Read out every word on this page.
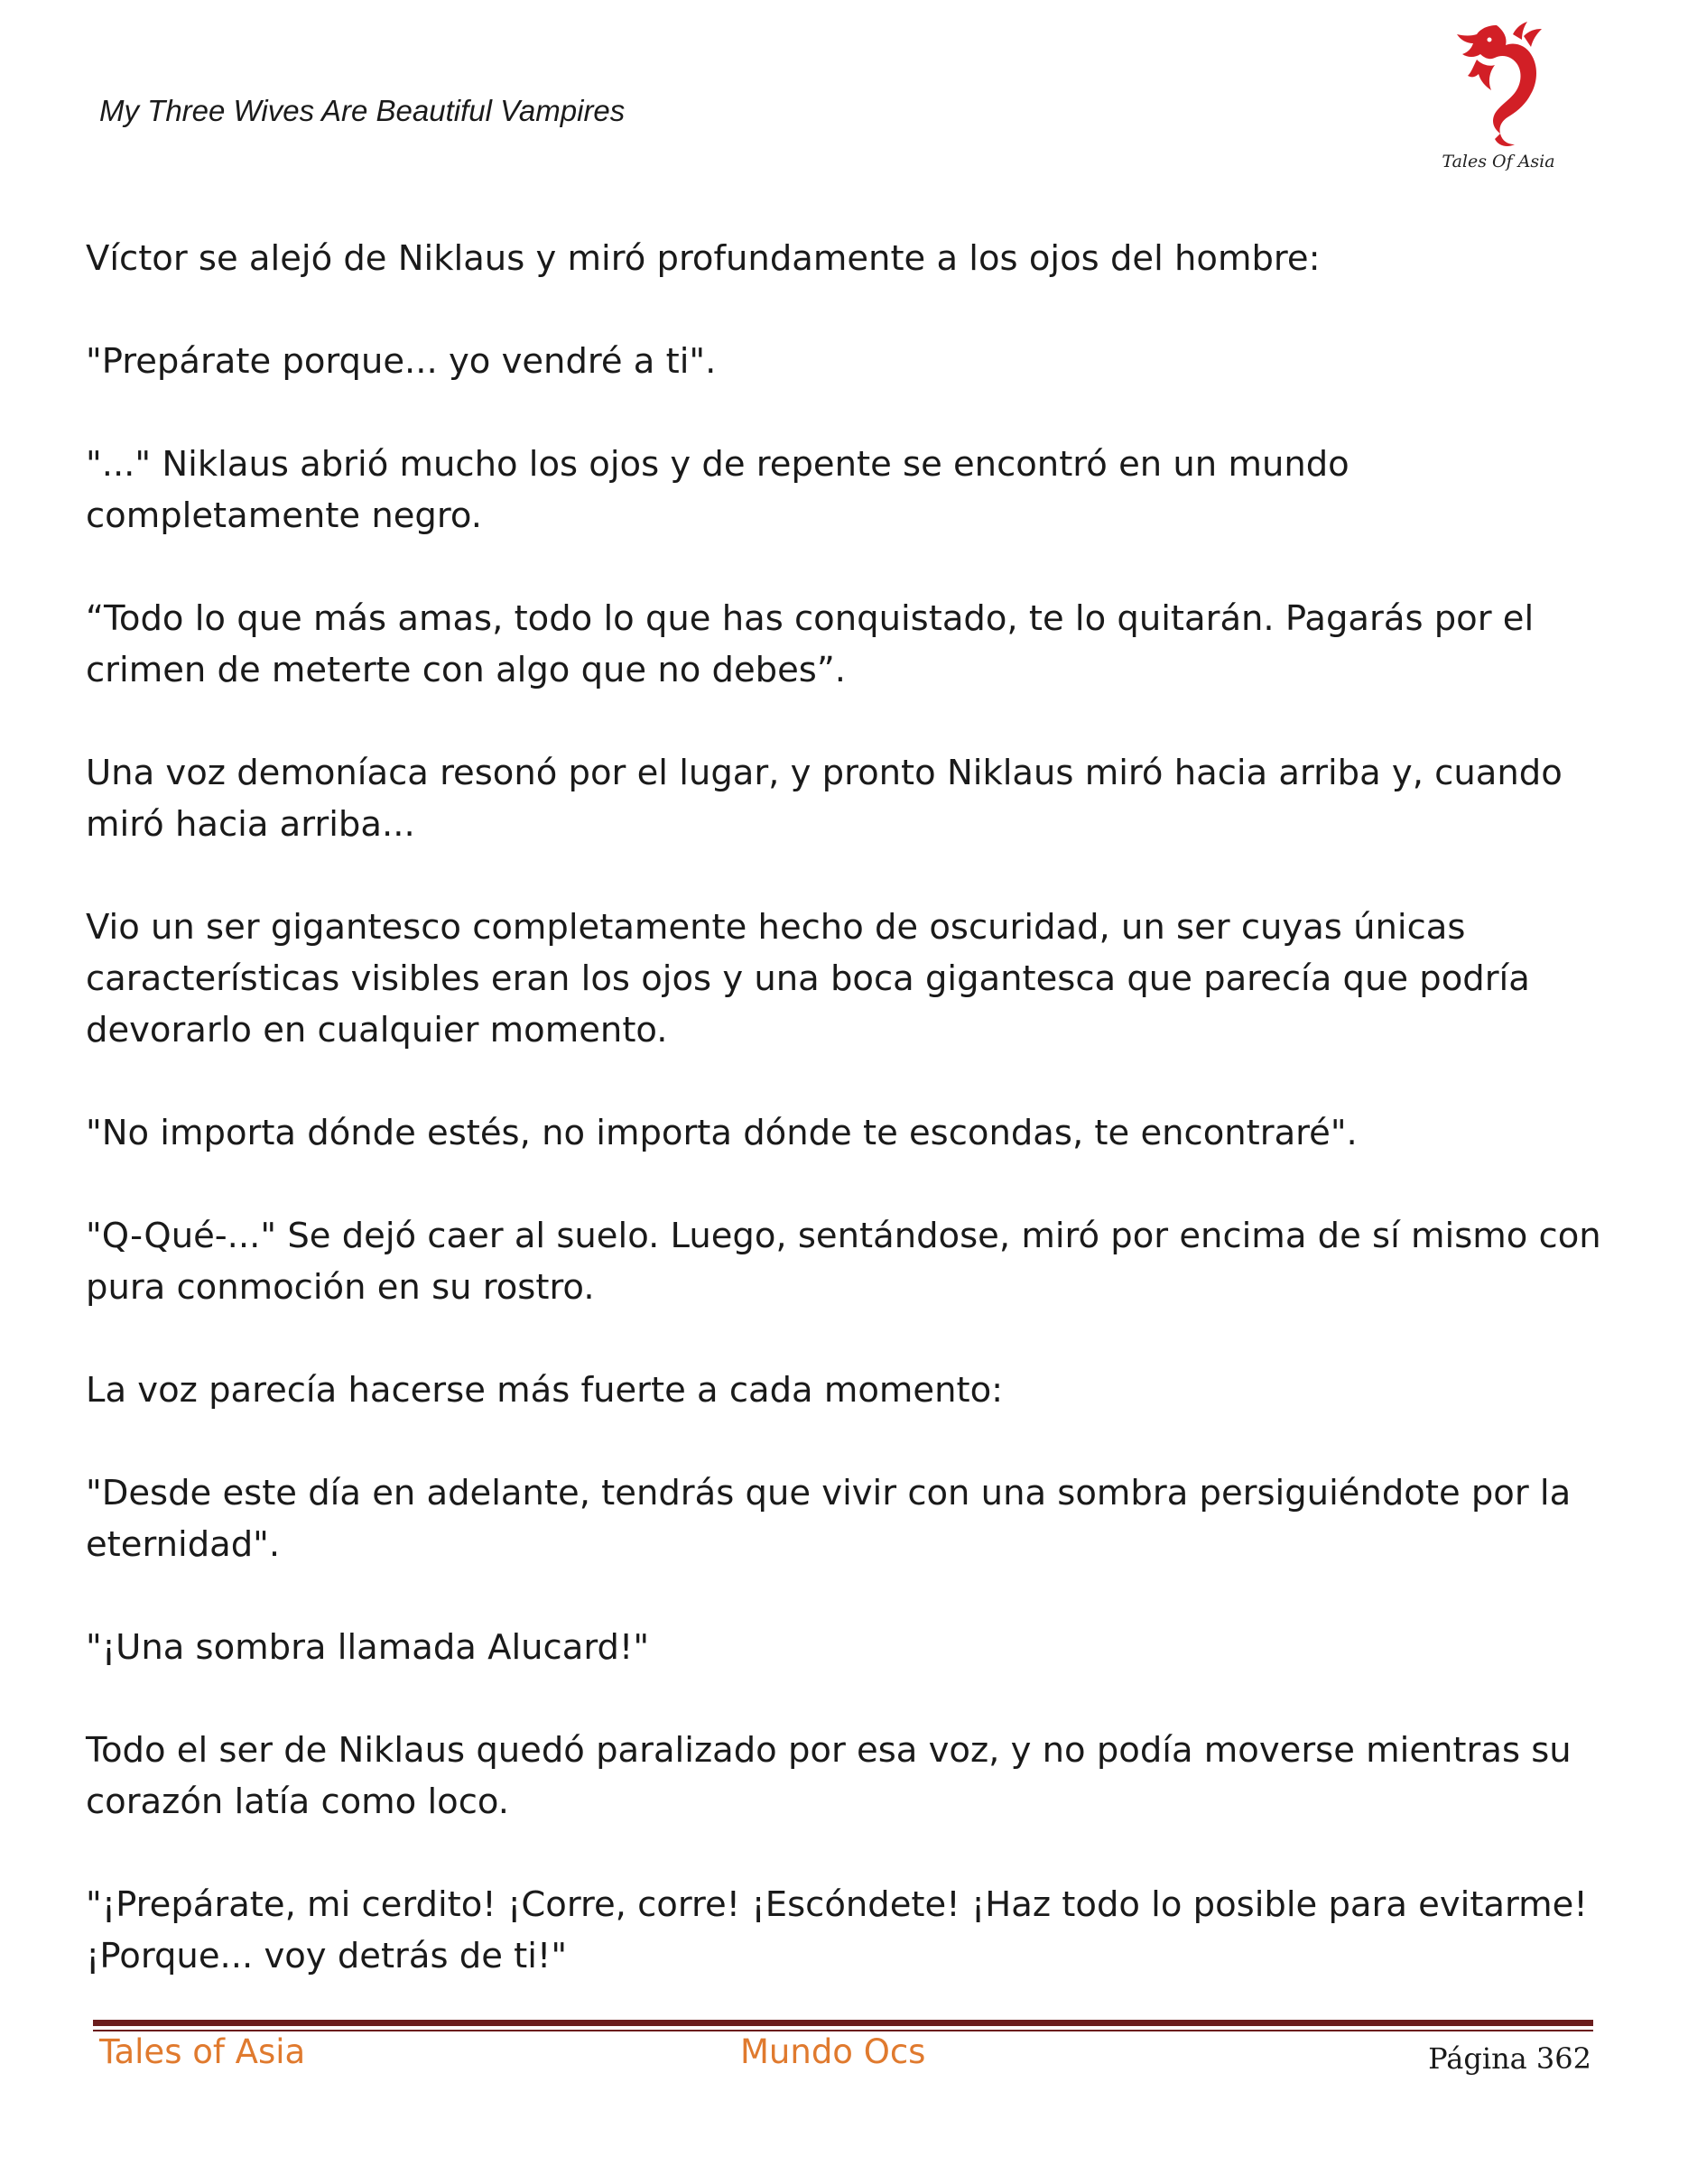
My Three Wives Are Beautiful Vampires
Tales Of Asia

Víctor se alejó de Niklaus y miró profundamente a los ojos del hombre:

"Prepárate porque... yo vendré a ti".

"..." Niklaus abrió mucho los ojos y de repente se encontró en un mundo completamente negro.

“Todo lo que más amas, todo lo que has conquistado, te lo quitarán. Pagarás por el crimen de meterte con algo que no debes”.

Una voz demoníaca resonó por el lugar, y pronto Niklaus miró hacia arriba y, cuando miró hacia arriba...

Vio un ser gigantesco completamente hecho de oscuridad, un ser cuyas únicas características visibles eran los ojos y una boca gigantesca que parecía que podría devorarlo en cualquier momento.

"No importa dónde estés, no importa dónde te escondas, te encontraré".

"Q-Qué-..." Se dejó caer al suelo. Luego, sentándose, miró por encima de sí mismo con pura conmoción en su rostro.

La voz parecía hacerse más fuerte a cada momento:

"Desde este día en adelante, tendrás que vivir con una sombra persiguiéndote por la eternidad".

"¡Una sombra llamada Alucard!"

Todo el ser de Niklaus quedó paralizado por esa voz, y no podía moverse mientras su corazón latía como loco.

"¡Prepárate, mi cerdito! ¡Corre, corre! ¡Escóndete! ¡Haz todo lo posible para evitarme! ¡Porque... voy detrás de ti!"

Tales of Asia	Mundo Ocs	Página 362
